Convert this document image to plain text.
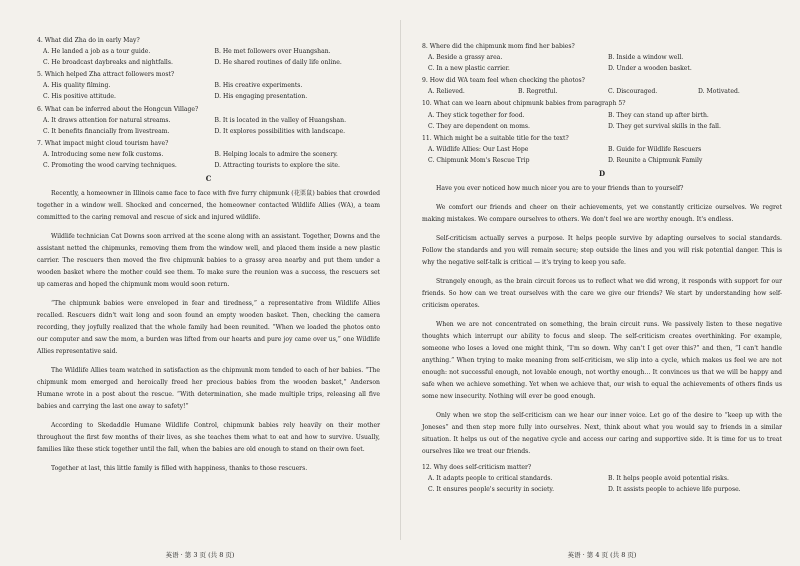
4. What did Zha do in early May?
A. He landed a job as a tour guide.	B. He met followers over Huangshan.
C. He broadcast daybreaks and nightfalls.	D. He shared routines of daily life online.
5. Which helped Zha attract followers most?
A. His quality filming.	B. His creative experiments.
C. His positive attitude.	D. His engaging presentation.
6. What can be inferred about the Hongcun Village?
A. It draws attention for natural streams.	B. It is located in the valley of Huangshan.
C. It benefits financially from livestream.	D. It explores possibilities with landscape.
7. What impact might cloud tourism have?
A. Introducing some new folk customs.	B. Helping locals to admire the scenery.
C. Promoting the wood carving techniques.	D. Attracting tourists to explore the site.
C

Recently, a homeowner in Illinois came face to face with five furry chipmunk (花栗鼠) babies that crowded together in a window well. Shocked and concerned, the homeowner contacted Wildlife Allies (WA), a team committed to the caring removal and rescue of sick and injured wildlife.

Wildlife technician Cat Downs soon arrived at the scene along with an assistant. Together, Downs and the assistant netted the chipmunks, removing them from the window well, and placed them inside a new plastic carrier. The rescuers then moved the five chipmunk babies to a grassy area nearby and put them under a wooden basket where the mother could see them. To make sure the reunion was a success, the rescuers set up cameras and hoped the chipmunk mom would soon return.

“The chipmunk babies were enveloped in fear and tiredness,” a representative from Wildlife Allies recalled. Rescuers didn't wait long and soon found an empty wooden basket. Then, checking the camera recording, they joyfully realized that the whole family had been reunited. “When we loaded the photos onto our computer and saw the mom, a burden was lifted from our hearts and pure joy came over us,” one Wildlife Allies representative said.

The Wildlife Allies team watched in satisfaction as the chipmunk mom tended to each of her babies. “The chipmunk mom emerged and heroically freed her precious babies from the wooden basket,” Anderson Humane wrote in a post about the rescue. “With determination, she made multiple trips, releasing all five babies and carrying the last one away to safety!”

According to Skedaddle Humane Wildlife Control, chipmunk babies rely heavily on their mother throughout the first few months of their lives, as she teaches them what to eat and how to survive. Usually, families like these stick together until the fall, when the babies are old enough to stand on their own feet.

Together at last, this little family is filled with happiness, thanks to those rescuers.

英语 · 第 3 页 (共 8 页)
8. Where did the chipmunk mom find her babies?
A. Beside a grassy area.	B. Inside a window well.
C. In a new plastic carrier.	D. Under a wooden basket.
9. How did WA team feel when checking the photos?
A. Relieved.	B. Regretful.	C. Discouraged.	D. Motivated.
10. What can we learn about chipmunk babies from paragraph 5?
A. They stick together for food.	B. They can stand up after birth.
C. They are dependent on moms.	D. They get survival skills in the fall.
11. Which might be a suitable title for the text?
A. Wildlife Allies: Our Last Hope	B. Guide for Wildlife Rescuers
C. Chipmunk Mom's Rescue Trip	D. Reunite a Chipmunk Family
D

Have you ever noticed how much nicer you are to your friends than to yourself?

We comfort our friends and cheer on their achievements, yet we constantly criticize ourselves. We regret making mistakes. We compare ourselves to others. We don't feel we are worthy enough. It's endless.

Self-criticism actually serves a purpose. It helps people survive by adapting ourselves to social standards. Follow the standards and you will remain secure; step outside the lines and you will risk potential danger. This is why the negative self-talk is critical — it's trying to keep you safe.

Strangely enough, as the brain circuit forces us to reflect what we did wrong, it responds with support for our friends. So how can we treat ourselves with the care we give our friends? We start by understanding how self-criticism operates.

When we are not concentrated on something, the brain circuit runs. We passively listen to these negative thoughts which interrupt our ability to focus and sleep. The self-criticism creates overthinking. For example, someone who loses a loved one might think, “I'm so down. Why can't I get over this?” and then, “I can't handle anything.” When trying to make meaning from self-criticism, we slip into a cycle, which makes us feel we are not enough: not successful enough, not lovable enough, not worthy enough… It convinces us that we will be happy and safe when we achieve something. Yet when we achieve that, our wish to equal the achievements of others finds us some new insecurity. Nothing will ever be good enough.

Only when we stop the self-criticism can we hear our inner voice. Let go of the desire to “keep up with the Joneses” and then step more fully into ourselves. Next, think about what you would say to friends in a similar situation. It helps us out of the negative cycle and access our caring and supportive side. It is time for us to treat ourselves like we treat our friends.

12. Why does self-criticism matter?
A. It adapts people to critical standards.	B. It helps people avoid potential risks.
C. It ensures people's security in society.	D. It assists people to achieve life purpose.
英语 · 第 4 页 (共 8 页)
